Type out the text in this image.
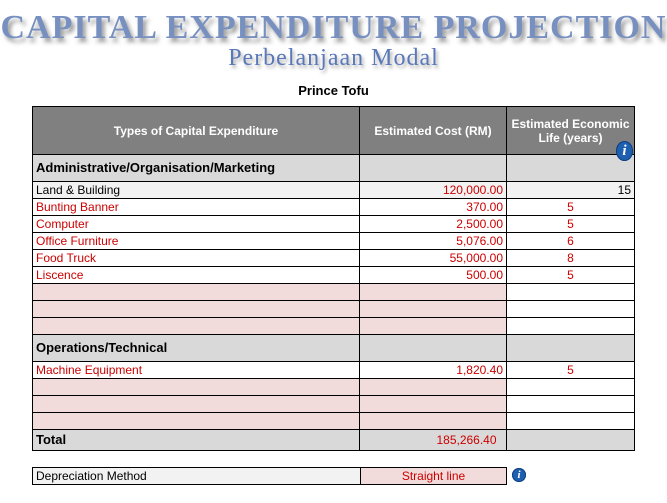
CAPITAL EXPENDITURE PROJECTION
Perbelanjaan Modal
Prince Tofu
Types of Capital Expenditure	Estimated Cost (RM)	Estimated Economic Life (years)
Administrative/Organisation/Marketing		
Land & Building	120,000.00	15
Bunting Banner	370.00	5
Computer	2,500.00	5
Office Furniture	5,076.00	6
Food Truck	55,000.00	8
Liscence	500.00	5

Operations/Technical		
Machine Equipment	1,820.40	5

Total	185,266.40	
i
Depreciation Method	Straight line	i
